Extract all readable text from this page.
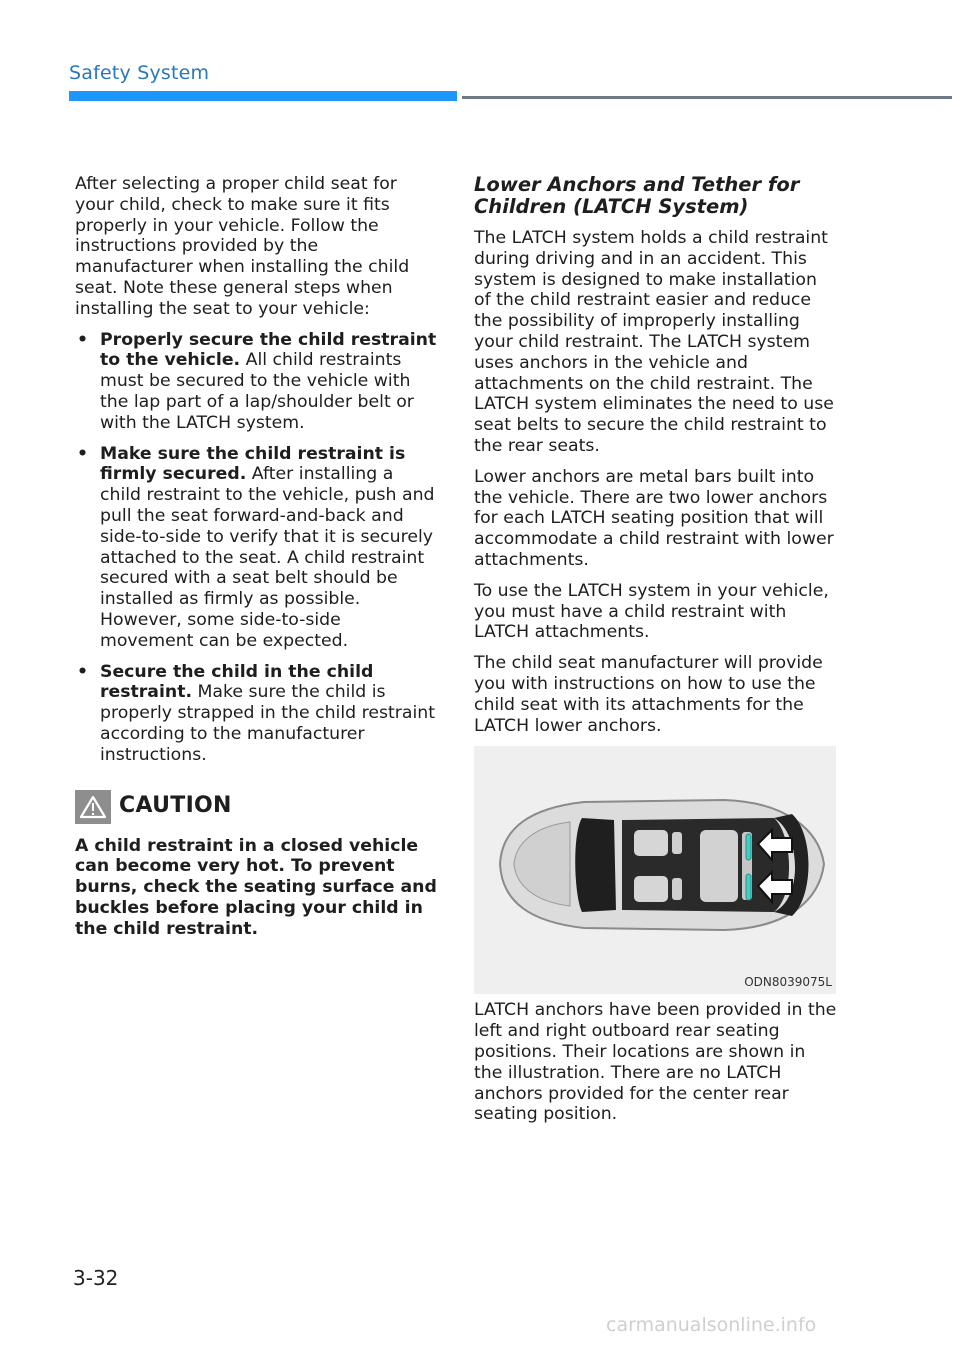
Safety System

After selecting a proper child seat for your child, check to make sure it fits properly in your vehicle. Follow the instructions provided by the manufacturer when installing the child seat. Note these general steps when installing the seat to your vehicle:

• Properly secure the child restraint to the vehicle. All child restraints must be secured to the vehicle with the lap part of a lap/shoulder belt or with the LATCH system.
• Make sure the child restraint is firmly secured. After installing a child restraint to the vehicle, push and pull the seat forward-and-back and side-to-side to verify that it is securely attached to the seat. A child restraint secured with a seat belt should be installed as firmly as possible. However, some side-to-side movement can be expected.
• Secure the child in the child restraint. Make sure the child is properly strapped in the child restraint according to the manufacturer instructions.
CAUTION
A child restraint in a closed vehicle can become very hot. To prevent burns, check the seating surface and buckles before placing your child in the child restraint.
Lower Anchors and Tether for Children (LATCH System)

The LATCH system holds a child restraint during driving and in an accident. This system is designed to make installation of the child restraint easier and reduce the possibility of improperly installing your child restraint. The LATCH system uses anchors in the vehicle and attachments on the child restraint. The LATCH system eliminates the need to use seat belts to secure the child restraint to the rear seats.

Lower anchors are metal bars built into the vehicle. There are two lower anchors for each LATCH seating position that will accommodate a child restraint with lower attachments.

To use the LATCH system in your vehicle, you must have a child restraint with LATCH attachments.

The child seat manufacturer will provide you with instructions on how to use the child seat with its attachments for the LATCH lower anchors.

ODN8039075L

LATCH anchors have been provided in the left and right outboard rear seating positions. Their locations are shown in the illustration. There are no LATCH anchors provided for the center rear seating position.

3-32
carmanualsonline.info
